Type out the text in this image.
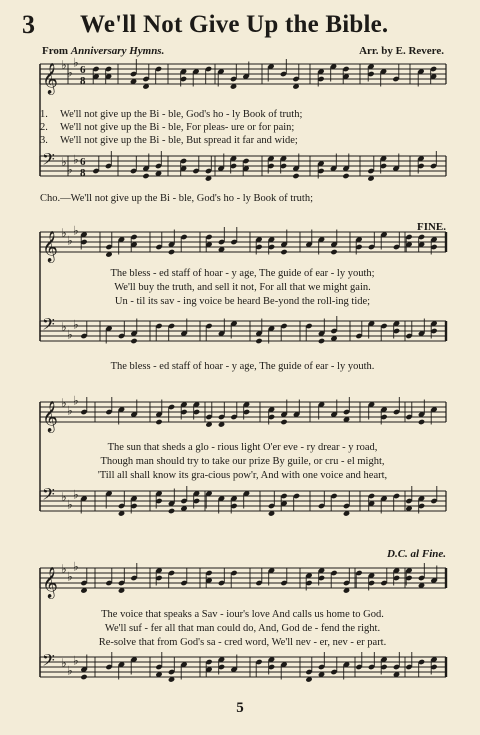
𝄞 ♭
♭
♭
6
8
𝄢 ♭
♭
♭ 6
8
𝄞 ♭
♭
♭
𝄢 ♭
♭
♭
𝄞 ♭
♭
♭
𝄢 ♭
♭
♭
𝄞 ♭
♭
♭
𝄢 ♭
♭
♭
3 We'll Not Give Up the Bible.
From Anniversary Hymns.	Arr. by E. Revere.
1. We'll not give up the Bi - ble, God's ho - ly Book of truth;
2. We'll not give up the Bi - ble, For pleas- ure or for pain;
3. We'll not give up the Bi - ble, But spread it far and wide;
Cho.—We'll not give up the Bi - ble, God's ho - ly Book of truth;
FINE.
The bless - ed staff of hoar - y age, The guide of ear - ly youth;
We'll buy the truth, and sell it not, For all that we might gain.
Un - til its sav - ing voice be heard Be-yond the roll-ing tide;
The bless - ed staff of hoar - y age, The guide of ear - ly youth.
The sun that sheds a glo - rious light O'er eve - ry drear - y road,
Though man should try to take our prize By guile, or cru - el might,
'Till all shall know its gra-cious pow'r, And with one voice and heart,
D.C. al Fine.
The voice that speaks a Sav - iour's love And calls us home to God.
We'll suf - fer all that man could do, And, God de - fend the right.
Re-solve that from God's sa - cred word, We'll nev - er, nev - er part.
5
